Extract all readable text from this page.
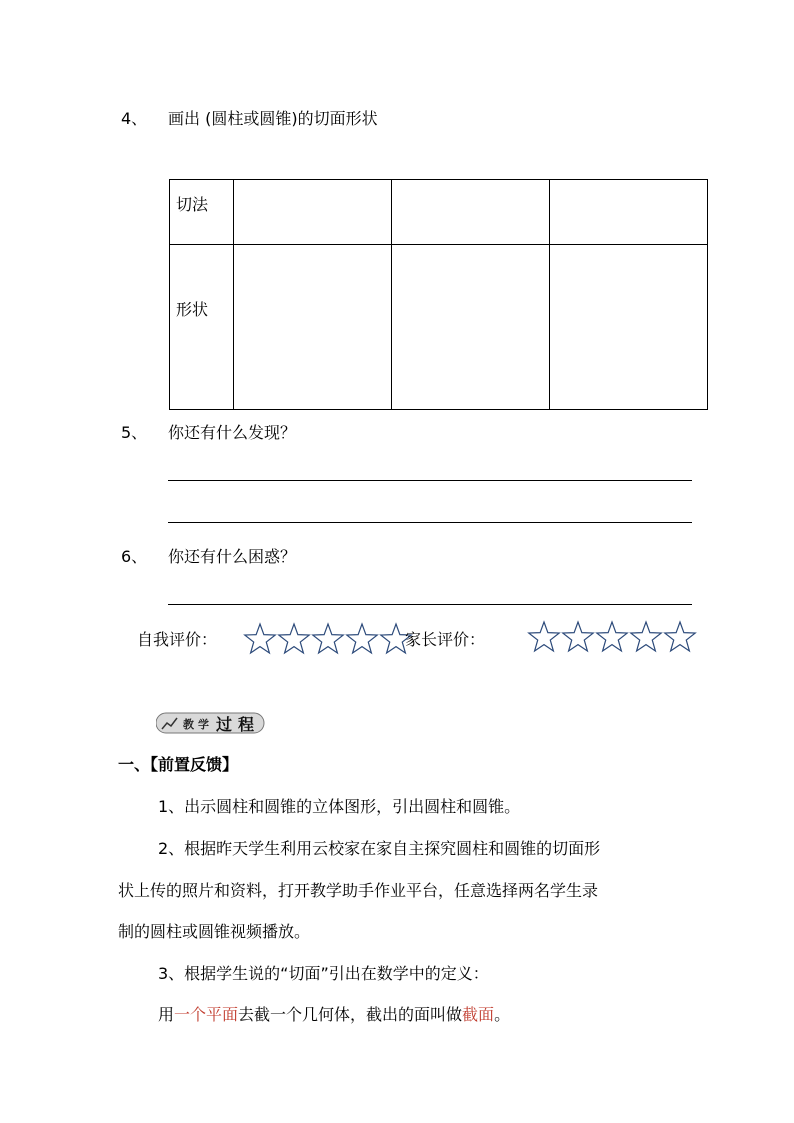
4、 画出 (圆柱或圆锥)的切面形状
切法			

形状			

5、 你还有什么发现？
6、 你还有什么困惑？
自我评价：	家长评价：
教 学 过 程
一、【前置反馈】
1、出示圆柱和圆锥的立体图形，引出圆柱和圆锥。
2、根据昨天学生利用云校家在家自主探究圆柱和圆锥的切面形
状上传的照片和资料，打开教学助手作业平台，任意选择两名学生录
制的圆柱或圆锥视频播放。
3、根据学生说的“切面”引出在数学中的定义：
用一个平面去截一个几何体，截出的面叫做截面。
